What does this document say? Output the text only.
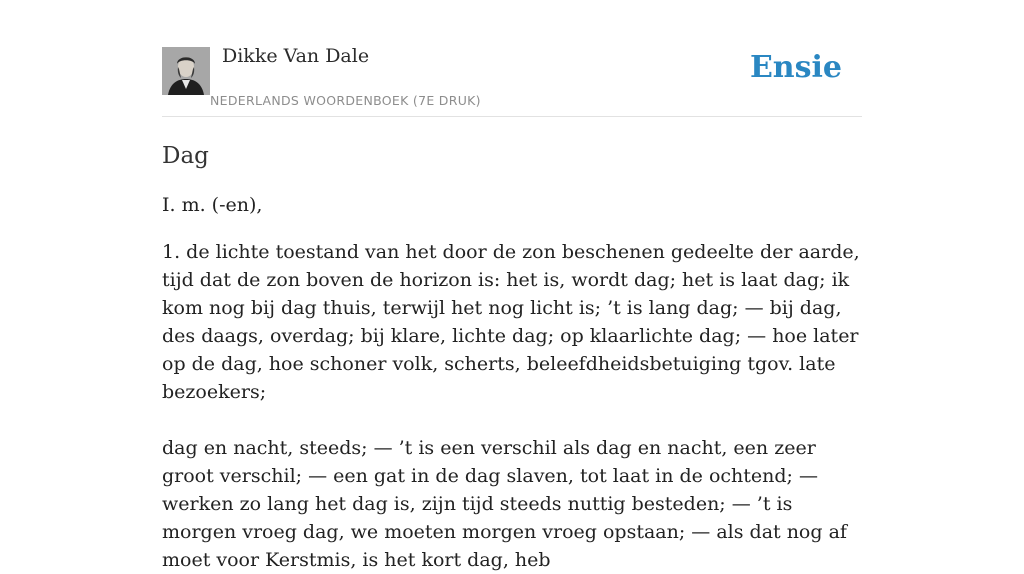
Dikke Van Dale
NEDERLANDS WOORDENBOEK (7E DRUK)
Ensie
Dag

I. m. (-en),

1. de lichte toestand van het door de zon beschenen gedeelte der aarde, tijd dat de zon boven de horizon is: het is, wordt dag; het is laat dag; ik kom nog bij dag thuis, terwijl het nog licht is; ’t is lang dag; — bij dag, des daags, overdag; bij klare, lichte dag; op klaarlichte dag; — hoe later op de dag, hoe schoner volk, scherts, beleefdheidsbetuiging tgov. late bezoekers;

dag en nacht, steeds; — ’t is een verschil als dag en nacht, een zeer groot verschil; — een gat in de dag slaven, tot laat in de ochtend; — werken zo lang het dag is, zijn tijd steeds nuttig besteden; — ’t is morgen vroeg dag, we moeten morgen vroeg opstaan; — als dat nog af moet voor Kerstmis, is het kort dag, heb
